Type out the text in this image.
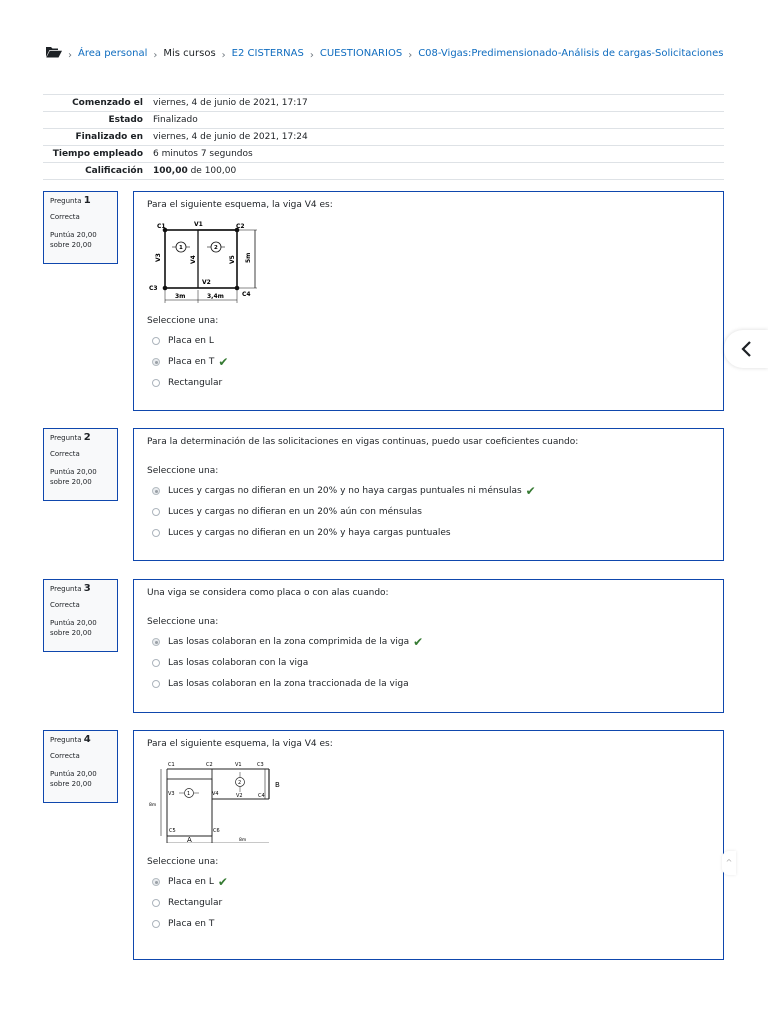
› Área personal › Mis cursos › E2 CISTERNAS › CUESTIONARIOS › C08-Vigas:Predimensionado-Análisis de cargas-Solicitaciones
Comenzado el	viernes, 4 de junio de 2021, 17:17
Estado	Finalizado
Finalizado en	viernes, 4 de junio de 2021, 17:24
Tiempo empleado	6 minutos 7 segundos
Calificación	100,00 de 100,00
Pregunta 1
Correcta
Puntúa 20,00
sobre 20,00

Para el siguiente esquema, la viga V4 es:

C1	V1	C2
V3	V4	V5 5m
V2
C3
C4
3m	3,4m
1	2
Seleccione una:
Placa en L
Placa en T ✔
Rectangular
Pregunta 2
Correcta
Puntúa 20,00
sobre 20,00

Para la determinación de las solicitaciones en vigas continuas, puedo usar coeficientes cuando:

Seleccione una:
Luces y cargas no difieran en un 20% y no haya cargas puntuales ni ménsulas ✔
Luces y cargas no difieran en un 20% aún con ménsulas
Luces y cargas no difieran en un 20% y haya cargas puntuales
Pregunta 3
Correcta
Puntúa 20,00
sobre 20,00

Una viga se considera como placa o con alas cuando:

Seleccione una:
Las losas colaboran en la zona comprimida de la viga ✔
Las losas colaboran con la viga
Las losas colaboran en la zona traccionada de la viga
Pregunta 4
Correcta
Puntúa 20,00
sobre 20,00

Para el siguiente esquema, la viga V4 es:

C1	C2	V1	C3
B
V3	V4
1
2
V2	C4
C5	C6
8m
A	8m
Seleccione una:
Placa en L ✔
Rectangular
Placa en T
^
